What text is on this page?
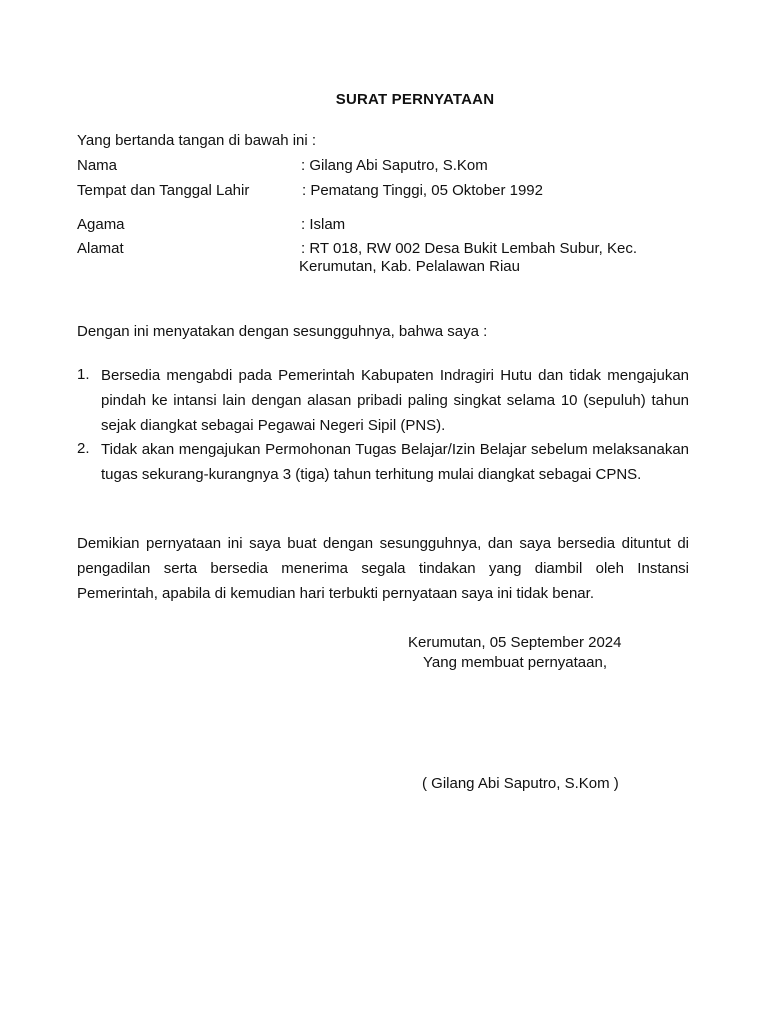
SURAT PERNYATAAN
Yang bertanda tangan di bawah ini :
Nama	: Gilang Abi Saputro, S.Kom
Tempat dan Tanggal Lahir	: Pematang Tinggi, 05 Oktober 1992
Agama	: Islam
Alamat	: RT 018, RW 002 Desa Bukit Lembah Subur, Kec.
Kerumutan, Kab. Pelalawan Riau
Dengan ini menyatakan dengan sesungguhnya, bahwa saya :
1. Bersedia mengabdi pada Pemerintah Kabupaten Indragiri Hutu dan tidak mengajukan pindah ke intansi lain dengan alasan pribadi paling singkat selama 10 (sepuluh) tahun sejak diangkat sebagai Pegawai Negeri Sipil (PNS).
2. Tidak akan mengajukan Permohonan Tugas Belajar/Izin Belajar sebelum melaksanakan tugas sekurang-kurangnya 3 (tiga) tahun terhitung mulai diangkat sebagai CPNS.
Demikian pernyataan ini saya buat dengan sesungguhnya, dan saya bersedia dituntut di pengadilan serta bersedia menerima segala tindakan yang diambil oleh Instansi Pemerintah, apabila di kemudian hari terbukti pernyataan saya ini tidak benar.
Kerumutan, 05 September 2024
Yang membuat pernyataan,
( Gilang Abi Saputro, S.Kom )
